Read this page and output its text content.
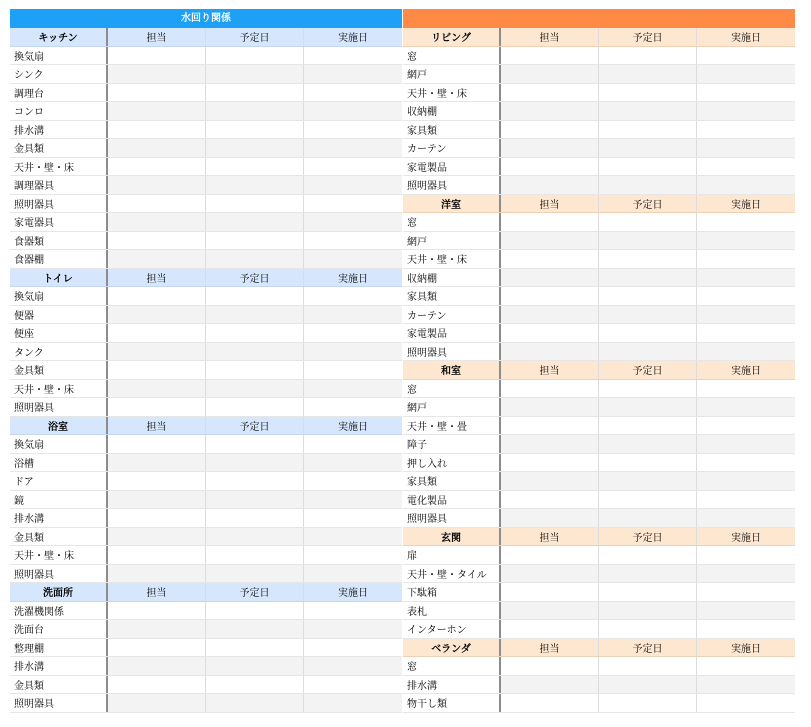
水回り関係
キッチン	担当	予定日	実施日
換気扇
シンク
調理台
コンロ
排水溝
金具類
天井・壁・床
調理器具
照明器具
家電器具
食器類
食器棚
トイレ	担当	予定日	実施日
換気扇
便器
便座
タンク
金具類
天井・壁・床
照明器具
浴室	担当	予定日	実施日
換気扇
浴槽
ドア
鏡
排水溝
金具類
天井・壁・床
照明器具
洗面所	担当	予定日	実施日
洗濯機関係
洗面台
整理棚
排水溝
金具類
照明器具
リビング	担当	予定日	実施日
窓
網戸
天井・壁・床
収納棚
家具類
カーテン
家電製品
照明器具
洋室	担当	予定日	実施日
窓
網戸
天井・壁・床
収納棚
家具類
カーテン
家電製品
照明器具
和室	担当	予定日	実施日
窓
網戸
天井・壁・畳
障子
押し入れ
家具類
電化製品
照明器具
玄関	担当	予定日	実施日
扉
天井・壁・タイル
下駄箱
表札
インターホン
ベランダ	担当	予定日	実施日
窓
排水溝
物干し類
